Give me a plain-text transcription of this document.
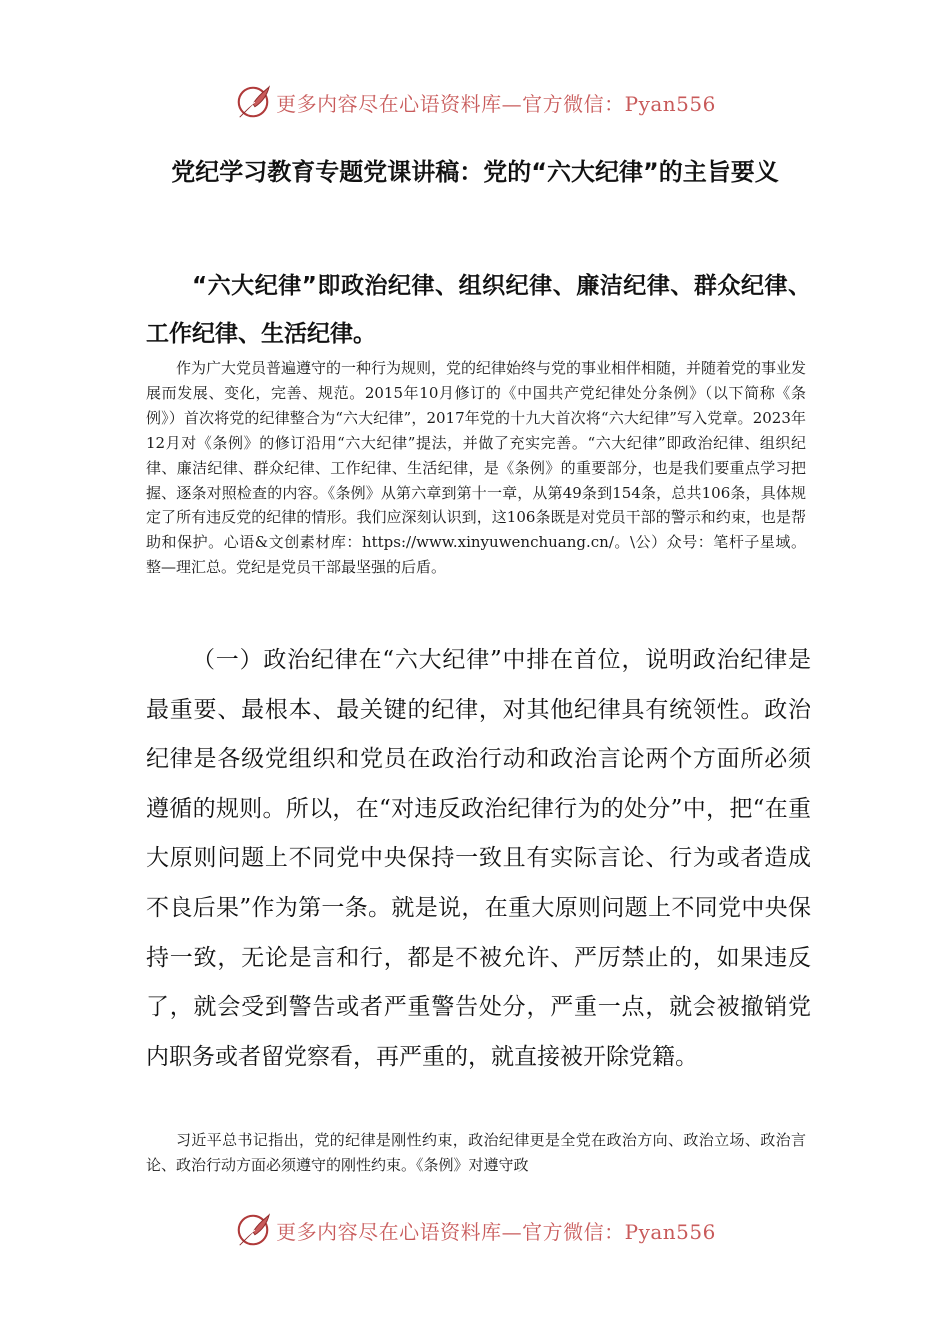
更多内容尽在心语资料库—官方微信：Pyan556
党纪学习教育专题党课讲稿：党的“六大纪律”的主旨要义
“六大纪律”即政治纪律、组织纪律、廉洁纪律、群众纪律、工作纪律、生活纪律。

作为广大党员普遍遵守的一种行为规则，党的纪律始终与党的事业相伴相随，并随着党的事业发展而发展、变化，完善、规范。2015年10月修订的《中国共产党纪律处分条例》（以下简称《条例》）首次将党的纪律整合为“六大纪律”，2017年党的十九大首次将“六大纪律”写入党章。2023年12月对《条例》的修订沿用“六大纪律”提法，并做了充实完善。“六大纪律”即政治纪律、组织纪律、廉洁纪律、群众纪律、工作纪律、生活纪律，是《条例》的重要部分，也是我们要重点学习把握、逐条对照检查的内容。《条例》从第六章到第十一章，从第49条到154条，总共106条，具体规定了所有违反党的纪律的情形。我们应深刻认识到，这106条既是对党员干部的警示和约束，也是帮助和保护。心语&文创素材库：https://www.xinyuwenchuang.cn/。\公）众号：笔杆子星域。整—理汇总。党纪是党员干部最坚强的后盾。

（一）政治纪律在“六大纪律”中排在首位，说明政治纪律是最重要、最根本、最关键的纪律，对其他纪律具有统领性。政治纪律是各级党组织和党员在政治行动和政治言论两个方面所必须遵循的规则。所以，在“对违反政治纪律行为的处分”中，把“在重大原则问题上不同党中央保持一致且有实际言论、行为或者造成不良后果”作为第一条。就是说，在重大原则问题上不同党中央保持一致，无论是言和行，都是不被允许、严厉禁止的，如果违反了，就会受到警告或者严重警告处分，严重一点，就会被撤销党内职务或者留党察看，再严重的，就直接被开除党籍。

习近平总书记指出，党的纪律是刚性约束，政治纪律更是全党在政治方向、政治立场、政治言论、政治行动方面必须遵守的刚性约束。《条例》对遵守政

更多内容尽在心语资料库—官方微信：Pyan556
